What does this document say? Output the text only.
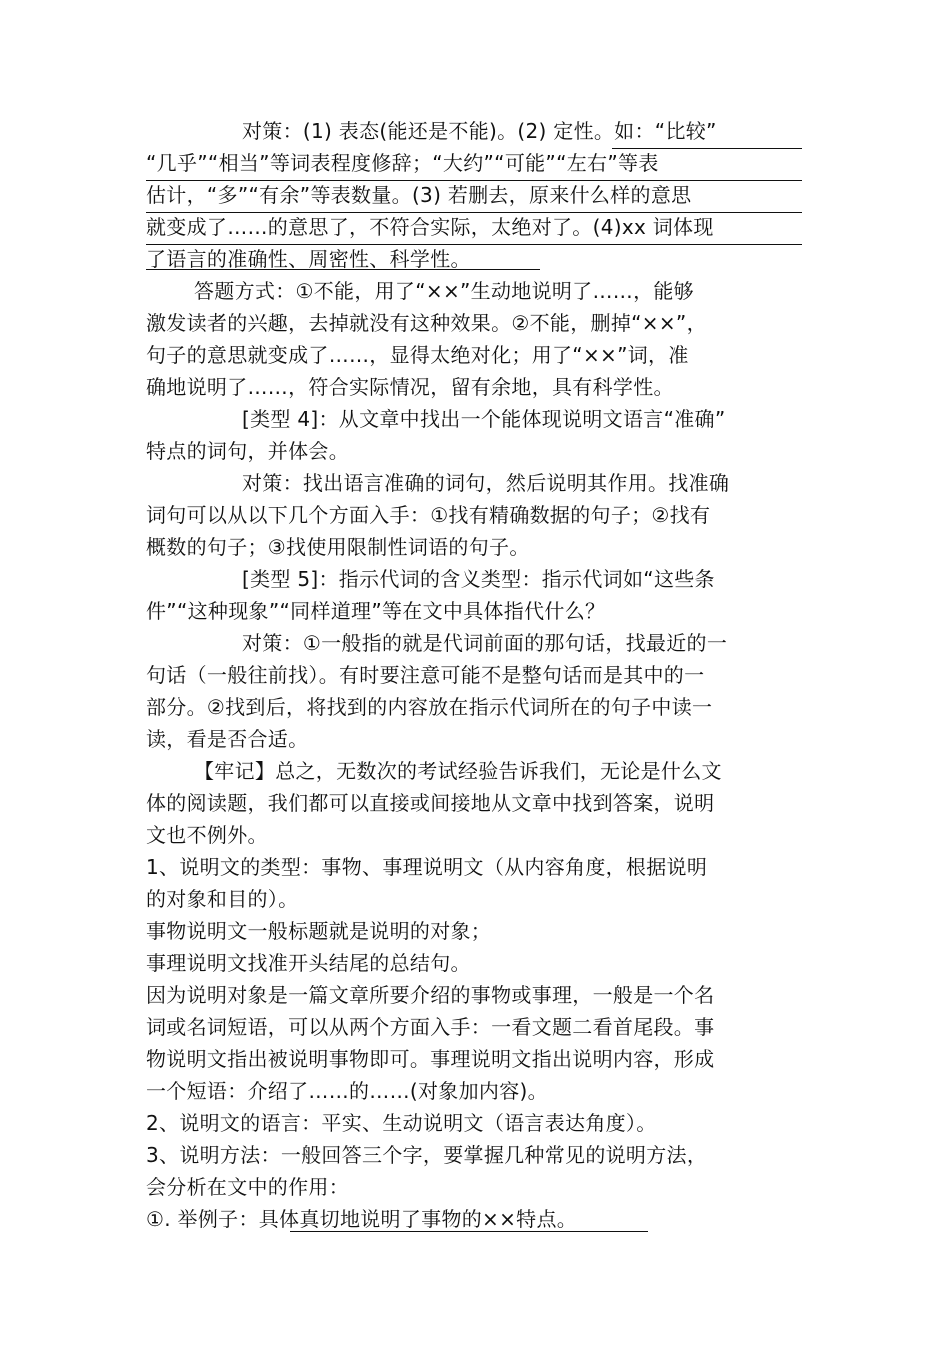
对策：(1) 表态(能还是不能)。(2) 定性。如：“比较”
“几乎”“相当”等词表程度修辞；“大约”“可能”“左右”等表
估计，“多”“有余”等表数量。(3) 若删去，原来什么样的意思
就变成了……的意思了，不符合实际，太绝对了。(4)xx 词体现
了语言的准确性、周密性、科学性。
答题方式：①不能，用了“××”生动地说明了……，能够
激发读者的兴趣，去掉就没有这种效果。②不能，删掉“××”，
句子的意思就变成了……，显得太绝对化；用了“××”词，准
确地说明了……，符合实际情况，留有余地，具有科学性。
[类型 4]：从文章中找出一个能体现说明文语言“准确”
特点的词句，并体会。
对策：找出语言准确的词句，然后说明其作用。找准确
词句可以从以下几个方面入手：①找有精确数据的句子；②找有
概数的句子；③找使用限制性词语的句子。
[类型 5]：指示代词的含义类型：指示代词如“这些条
件”“这种现象”“同样道理”等在文中具体指代什么？
对策：①一般指的就是代词前面的那句话，找最近的一
句话（一般往前找）。有时要注意可能不是整句话而是其中的一
部分。②找到后，将找到的内容放在指示代词所在的句子中读一
读，看是否合适。
【牢记】总之，无数次的考试经验告诉我们，无论是什么文
体的阅读题，我们都可以直接或间接地从文章中找到答案，说明
文也不例外。
1、说明文的类型：事物、事理说明文（从内容角度，根据说明
的对象和目的）。
事物说明文一般标题就是说明的对象；
事理说明文找准开头结尾的总结句。
因为说明对象是一篇文章所要介绍的事物或事理，一般是一个名
词或名词短语，可以从两个方面入手：一看文题二看首尾段。事
物说明文指出被说明事物即可。事理说明文指出说明内容，形成
一个短语：介绍了……的……(对象加内容)。
2、说明文的语言：平实、生动说明文（语言表达角度）。
3、说明方法：一般回答三个字，要掌握几种常见的说明方法，
会分析在文中的作用：
①. 举例子：具体真切地说明了事物的××特点。
